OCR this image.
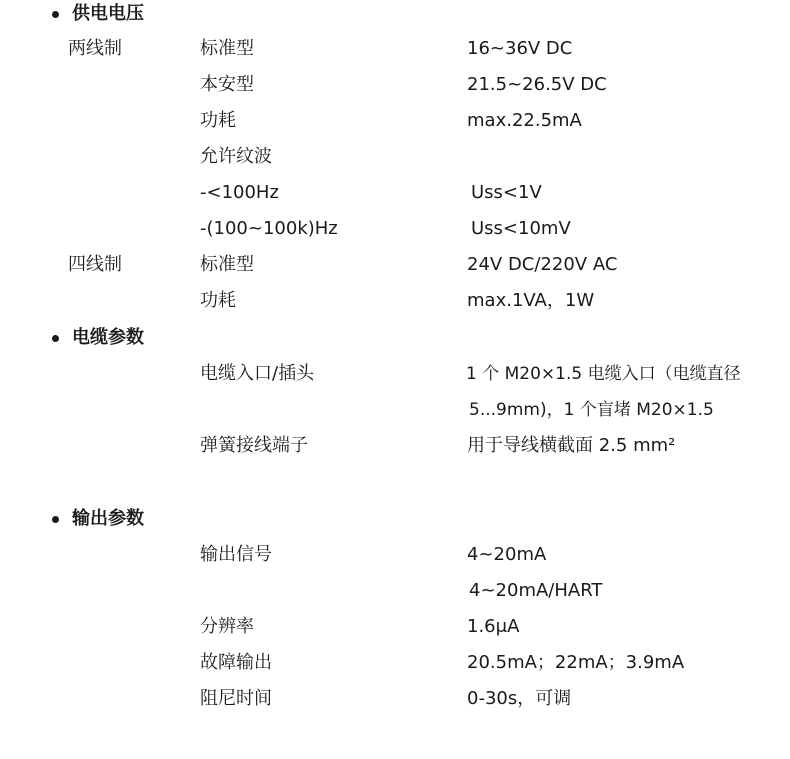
供电电压
两线制	标准型	16~36V DC
本安型	21.5~26.5V DC
功耗	max.22.5mA
允许纹波
-<100Hz	Uss<1V
-(100~100k)Hz	Uss<10mV
四线制	标准型	24V DC/220V AC
功耗	max.1VA，1W
电缆参数
电缆入口/插头	1 个 M20×1.5 电缆入口（电缆直径
5...9mm)，1 个盲堵 M20×1.5
弹簧接线端子	用于导线横截面 2.5 mm²
输出参数
输出信号	4~20mA
4~20mA/HART
分辨率	1.6μA
故障输出	20.5mA；22mA；3.9mA
阻尼时间	0-30s，可调
